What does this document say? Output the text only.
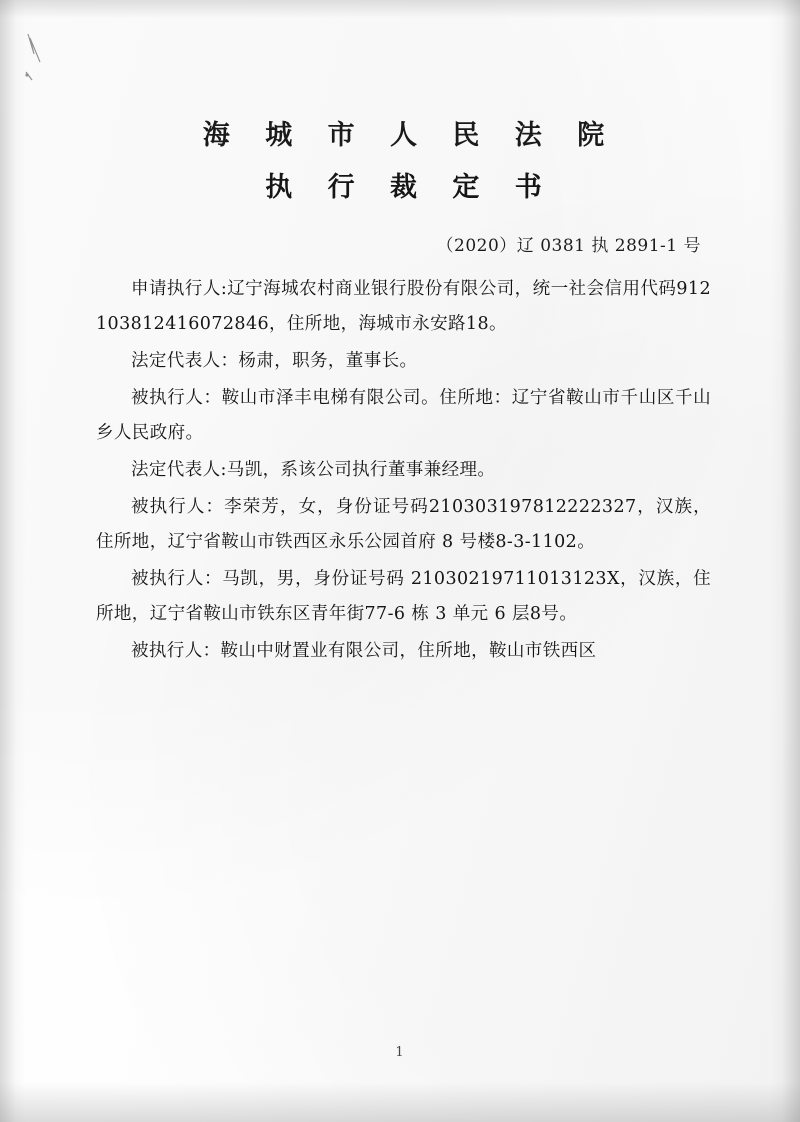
海 城 市 人 民 法 院
执 行 裁 定 书
（2020）辽 0381 执 2891-1 号

申请执行人:辽宁海城农村商业银行股份有限公司，统一社会信用代码912103812416072846，住所地，海城市永安路18。

法定代表人：杨肃，职务，董事长。

被执行人：鞍山市泽丰电梯有限公司。住所地：辽宁省鞍山市千山区千山乡人民政府。

法定代表人:马凯，系该公司执行董事兼经理。

被执行人：李荣芳，女，身份证号码210303197812222327，汉族，住所地，辽宁省鞍山市铁西区永乐公园首府 8 号楼8-3-1102。

被执行人：马凯，男，身份证号码 21030219711013123X，汉族，住所地，辽宁省鞍山市铁东区青年街77-6 栋 3 单元 6 层8号。

被执行人：鞍山中财置业有限公司，住所地，鞍山市铁西区

1
